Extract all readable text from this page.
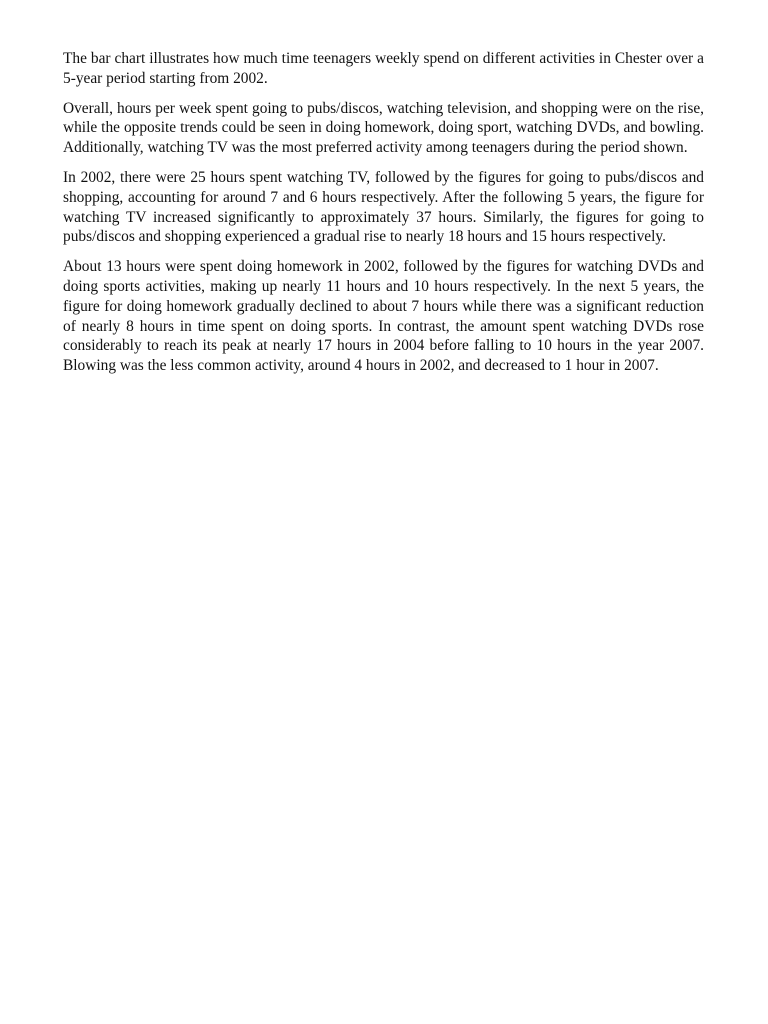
The bar chart illustrates how much time teenagers weekly spend on different activities in Chester over a 5-year period starting from 2002.

Overall, hours per week spent going to pubs/discos, watching television, and shopping were on the rise, while the opposite trends could be seen in doing homework, doing sport, watching DVDs, and bowling. Additionally, watching TV was the most preferred activity among teenagers during the period shown.

In 2002, there were 25 hours spent watching TV, followed by the figures for going to pubs/discos and shopping, accounting for around 7 and 6 hours respectively. After the following 5 years, the figure for watching TV increased significantly to approximately 37 hours. Similarly, the figures for going to pubs/discos and shopping experienced a gradual rise to nearly 18 hours and 15 hours respectively.

About 13 hours were spent doing homework in 2002, followed by the figures for watching DVDs and doing sports activities, making up nearly 11 hours and 10 hours respectively. In the next 5 years, the figure for doing homework gradually declined to about 7 hours while there was a significant reduction of nearly 8 hours in time spent on doing sports. In contrast, the amount spent watching DVDs rose considerably to reach its peak at nearly 17 hours in 2004 before falling to 10 hours in the year 2007. Blowing was the less common activity, around 4 hours in 2002, and decreased to 1 hour in 2007.
